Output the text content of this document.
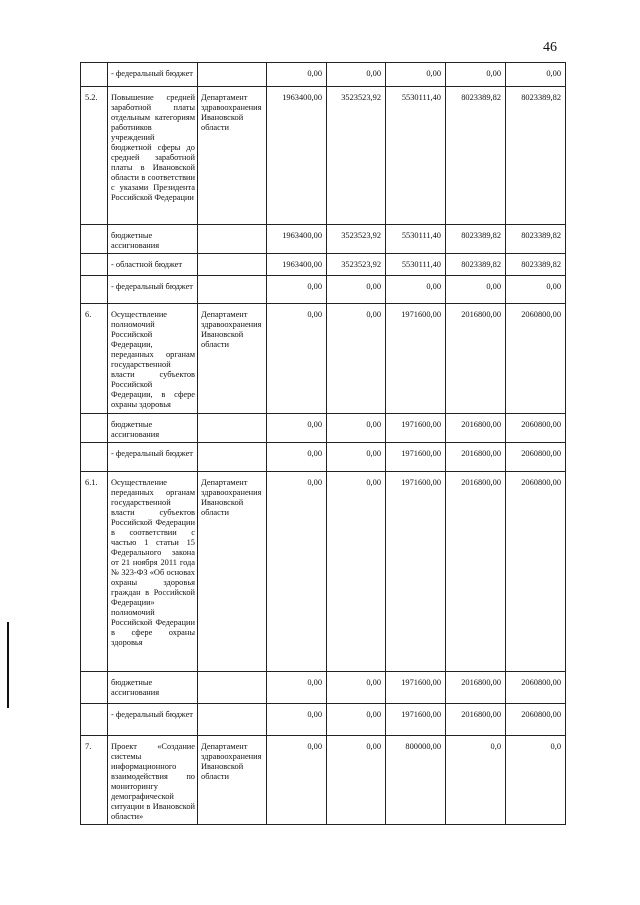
46
	- федеральный бюджет		0,00	0,00	0,00	0,00	0,00
5.2.	Повышение средней заработной платы отдельным категориям работников учреждений бюджетной сферы до средней заработной платы в Ивановской области в соответствии с указами Президента Российской Федерации	Департамент здравоохранения Ивановской области	1963400,00	3523523,92	5530111,40	8023389,82	8023389,82
	бюджетные ассигнования		1963400,00	3523523,92	5530111,40	8023389,82	8023389,82
	- областной бюджет		1963400,00	3523523,92	5530111,40	8023389,82	8023389,82
	- федеральный бюджет		0,00	0,00	0,00	0,00	0,00
6.	Осуществление полномочий Российской Федерации, переданных органам государственной власти субъектов Российской Федерации, в сфере охраны здоровья	Департамент здравоохранения Ивановской области	0,00	0,00	1971600,00	2016800,00	2060800,00
	бюджетные ассигнования		0,00	0,00	1971600,00	2016800,00	2060800,00
	- федеральный бюджет		0,00	0,00	1971600,00	2016800,00	2060800,00
6.1.	Осуществление переданных органам государственной власти субъектов Российской Федерации в соответствии с частью 1 статьи 15 Федерального закона от 21 ноября 2011 года № 323-ФЗ «Об основах охраны здоровья граждан в Российской Федерации» полномочий Российской Федерации в сфере охраны здоровья	Департамент здравоохранения Ивановской области	0,00	0,00	1971600,00	2016800,00	2060800,00
	бюджетные ассигнования		0,00	0,00	1971600,00	2016800,00	2060800,00
	- федеральный бюджет		0,00	0,00	1971600,00	2016800,00	2060800,00
7.	Проект «Создание системы информационного взаимодействия по мониторингу демографической ситуации в Ивановской области»	Департамент здравоохранения Ивановской области	0,00	0,00	800000,00	0,0	0,0
